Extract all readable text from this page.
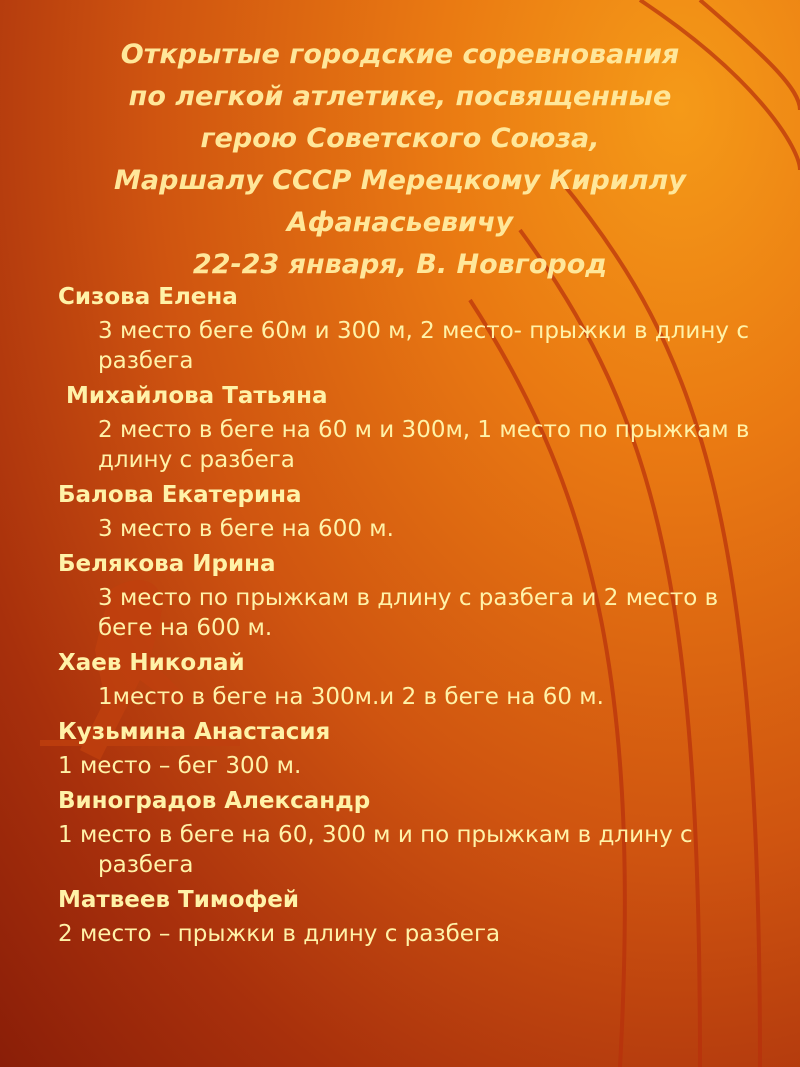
Открытые городские соревнования
по легкой атлетике, посвященные
герою Советского Союза,
Маршалу СССР Мерецкому Кириллу
Афанасьевичу
22-23 января, В. Новгород
Сизова Елена
3 место беге 60м и 300 м, 2 место- прыжки в длину с разбега
Михайлова Татьяна
2 место в беге на 60 м и 300м, 1 место по прыжкам в длину с разбега
Балова Екатерина
3 место в беге на 600 м.
Белякова Ирина
3 место по прыжкам в длину с разбега и 2 место в беге на 600 м.
Хаев Николай
1место в беге на 300м.и 2 в беге на 60 м.
Кузьмина Анастасия
1 место – бег 300 м.
Виноградов Александр
1 место в беге на 60, 300 м и по прыжкам в длину с разбега
Матвеев Тимофей
2 место – прыжки в длину с разбега
